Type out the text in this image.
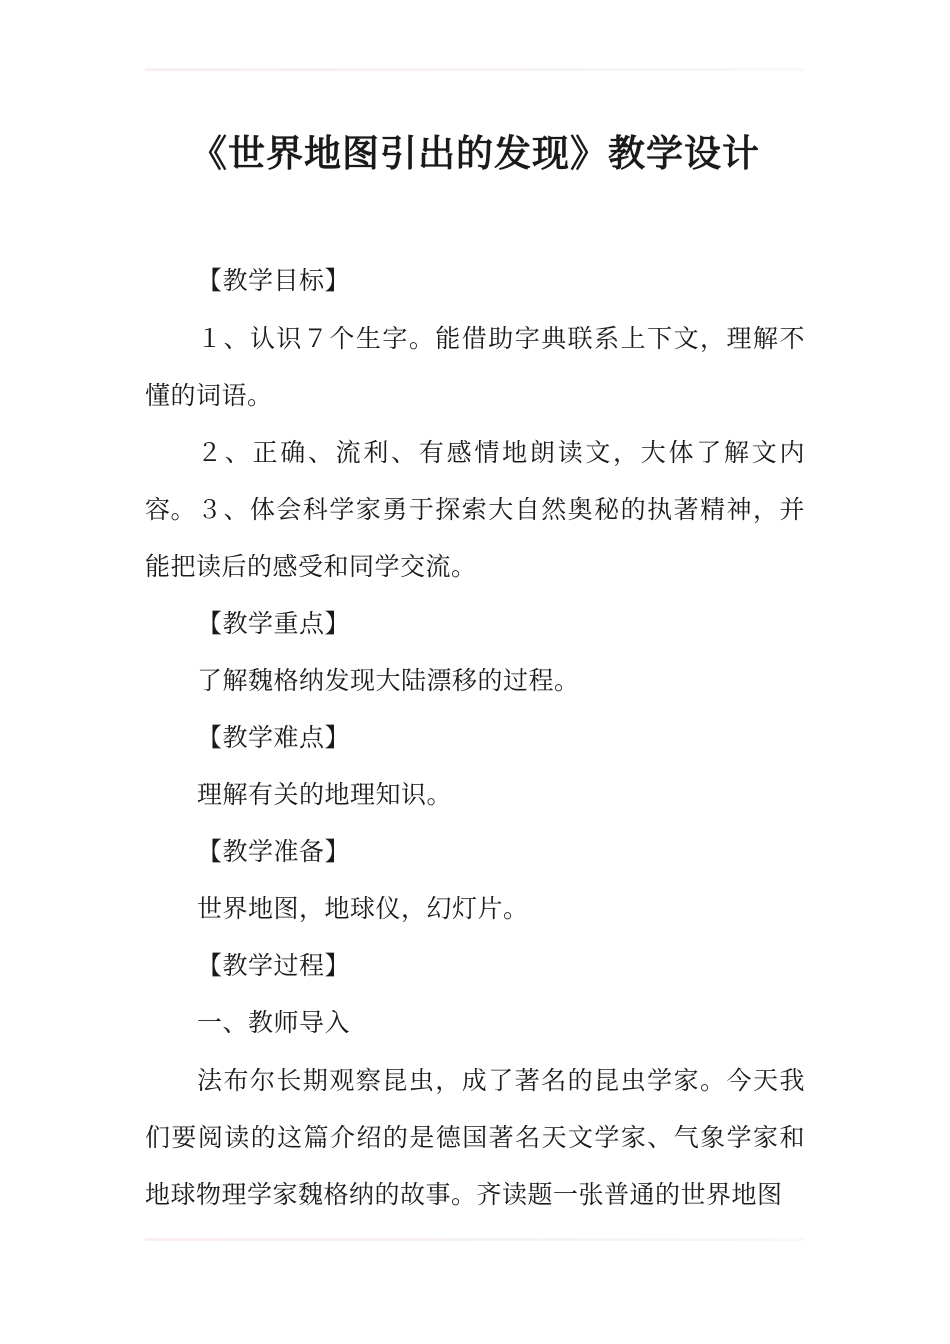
《世界地图引出的发现》教学设计

【教学目标】

１、认识７个生字。能借助字典联系上下文，理解不懂的词语。

２、正确、流利、有感情地朗读文，大体了解文内容。 ３、体会科学家勇于探索大自然奥秘的执著精神，并能把读后的感受和同学交流。

【教学重点】

了解魏格纳发现大陆漂移的过程。

【教学难点】

理解有关的地理知识。

【教学准备】

世界地图，地球仪，幻灯片。

【教学过程】

一、教师导入

法布尔长期观察昆虫，成了著名的昆虫学家。今天我们要阅读的这篇介绍的是德国著名天文学家、气象学家和地球物理学家魏格纳的故事。齐读题一张普通的世界地图
